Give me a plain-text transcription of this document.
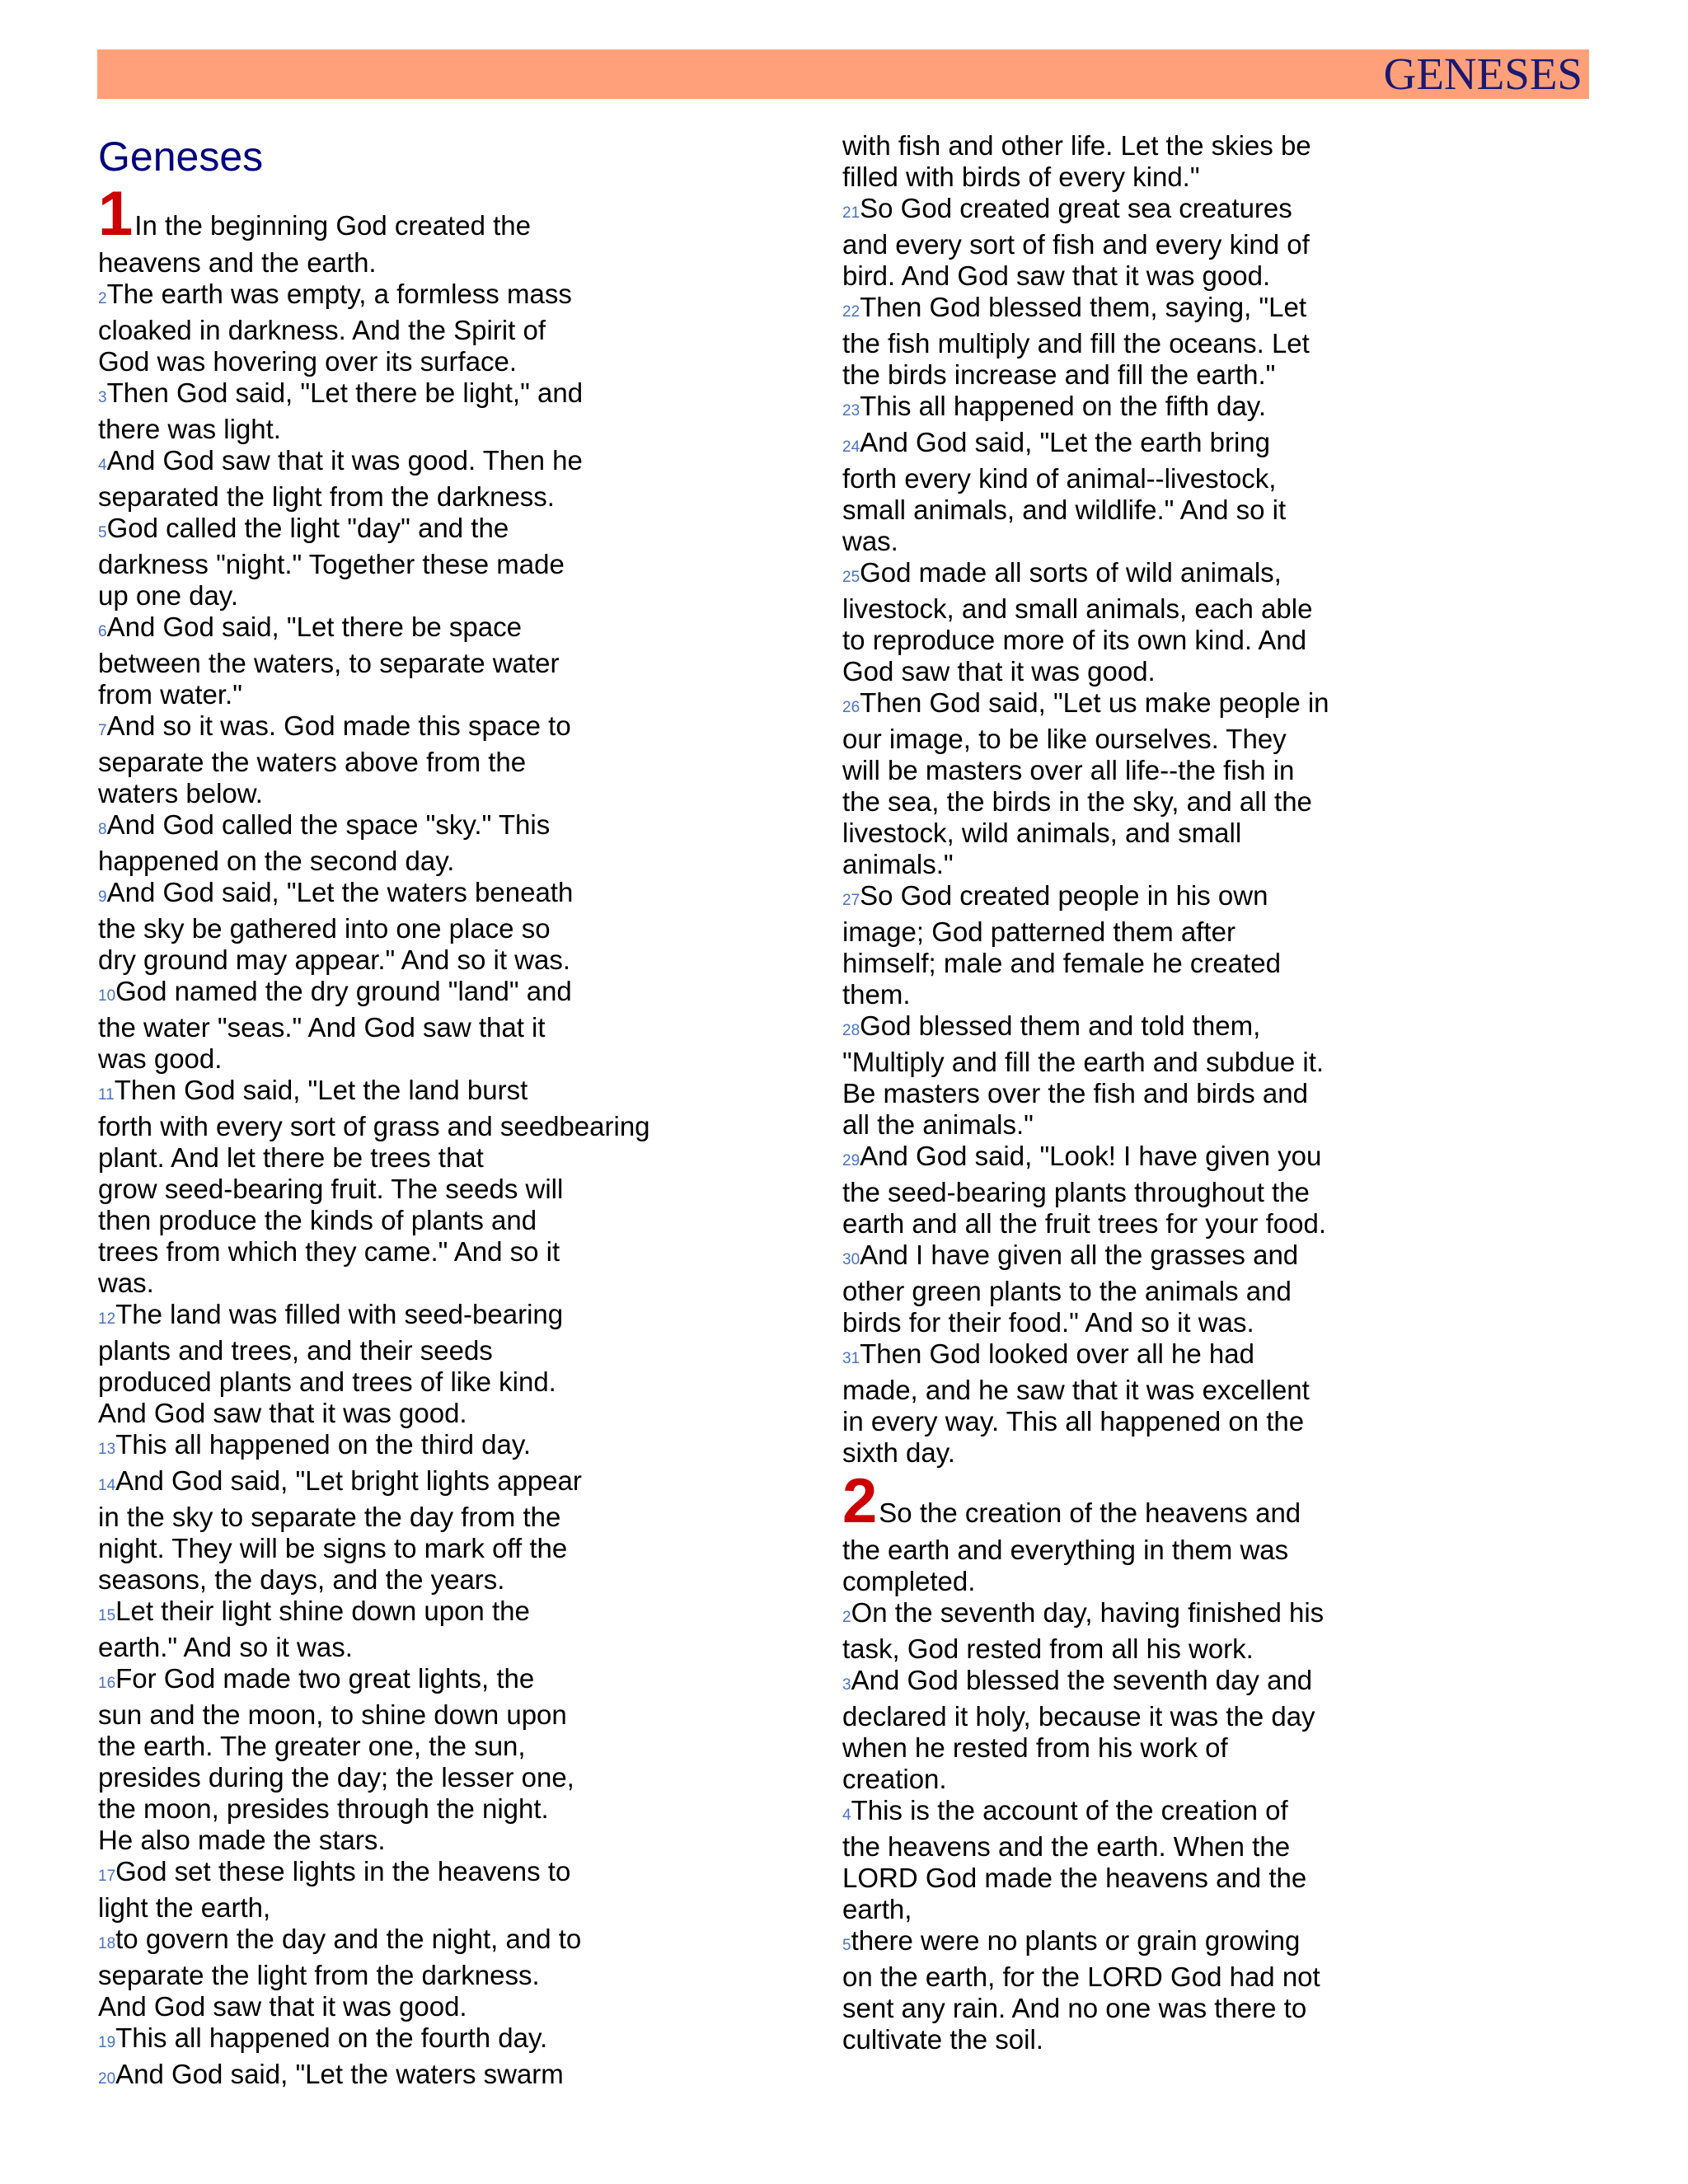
GENESES
Geneses
1In the beginning God created the
heavens and the earth.
2The earth was empty, a formless mass
cloaked in darkness. And the Spirit of
God was hovering over its surface.
3Then God said, "Let there be light," and
there was light.
4And God saw that it was good. Then he
separated the light from the darkness.
5God called the light "day" and the
darkness "night." Together these made
up one day.
6And God said, "Let there be space
between the waters, to separate water
from water."
7And so it was. God made this space to
separate the waters above from the
waters below.
8And God called the space "sky." This
happened on the second day.
9And God said, "Let the waters beneath
the sky be gathered into one place so
dry ground may appear." And so it was.
10God named the dry ground "land" and
the water "seas." And God saw that it
was good.
11Then God said, "Let the land burst
forth with every sort of grass and seedbearing
plant. And let there be trees that
grow seed-bearing fruit. The seeds will
then produce the kinds of plants and
trees from which they came." And so it
was.
12The land was filled with seed-bearing
plants and trees, and their seeds
produced plants and trees of like kind.
And God saw that it was good.
13This all happened on the third day.
14And God said, "Let bright lights appear
in the sky to separate the day from the
night. They will be signs to mark off the
seasons, the days, and the years.
15Let their light shine down upon the
earth." And so it was.
16For God made two great lights, the
sun and the moon, to shine down upon
the earth. The greater one, the sun,
presides during the day; the lesser one,
the moon, presides through the night.
He also made the stars.
17God set these lights in the heavens to
light the earth,
18to govern the day and the night, and to
separate the light from the darkness.
And God saw that it was good.
19This all happened on the fourth day.
20And God said, "Let the waters swarm
with fish and other life. Let the skies be
filled with birds of every kind."
21So God created great sea creatures
and every sort of fish and every kind of
bird. And God saw that it was good.
22Then God blessed them, saying, "Let
the fish multiply and fill the oceans. Let
the birds increase and fill the earth."
23This all happened on the fifth day.
24And God said, "Let the earth bring
forth every kind of animal--livestock,
small animals, and wildlife." And so it
was.
25God made all sorts of wild animals,
livestock, and small animals, each able
to reproduce more of its own kind. And
God saw that it was good.
26Then God said, "Let us make people in
our image, to be like ourselves. They
will be masters over all life--the fish in
the sea, the birds in the sky, and all the
livestock, wild animals, and small
animals."
27So God created people in his own
image; God patterned them after
himself; male and female he created
them.
28God blessed them and told them,
"Multiply and fill the earth and subdue it.
Be masters over the fish and birds and
all the animals."
29And God said, "Look! I have given you
the seed-bearing plants throughout the
earth and all the fruit trees for your food.
30And I have given all the grasses and
other green plants to the animals and
birds for their food." And so it was.
31Then God looked over all he had
made, and he saw that it was excellent
in every way. This all happened on the
sixth day.
2So the creation of the heavens and
the earth and everything in them was
completed.
2On the seventh day, having finished his
task, God rested from all his work.
3And God blessed the seventh day and
declared it holy, because it was the day
when he rested from his work of
creation.
4This is the account of the creation of
the heavens and the earth. When the
LORD God made the heavens and the
earth,
5there were no plants or grain growing
on the earth, for the LORD God had not
sent any rain. And no one was there to
cultivate the soil.
